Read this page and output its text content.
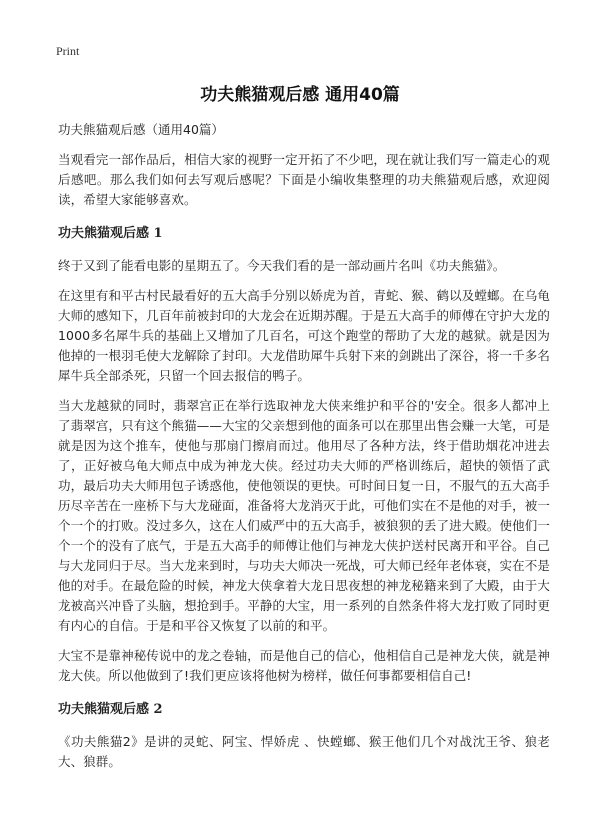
Print
功夫熊猫观后感 通用40篇
功夫熊猫观后感（通用40篇）

当观看完一部作品后，相信大家的视野一定开拓了不少吧，现在就让我们写一篇走心的观后感吧。那么我们如何去写观后感呢？下面是小编收集整理的功夫熊猫观后感，欢迎阅读，希望大家能够喜欢。

功夫熊猫观后感 1

终于又到了能看电影的星期五了。今天我们看的是一部动画片名叫《功夫熊猫》。

在这里有和平古村民最看好的五大高手分别以娇虎为首，青蛇、猴、鹤以及螳螂。在乌龟大师的感知下，几百年前被封印的大龙会在近期苏醒。于是五大高手的师傅在守护大龙的1000多名犀牛兵的基础上又增加了几百名，可这个跑堂的帮助了大龙的越狱。就是因为他掉的一根羽毛使大龙解除了封印。大龙借助犀牛兵射下来的剑跳出了深谷，将一千多名犀牛兵全部杀死，只留一个回去报信的鸭子。

当大龙越狱的同时，翡翠宫正在举行选取神龙大侠来维护和平谷的'安全。很多人都冲上了翡翠宫，只有这个熊猫——大宝的父亲想到他的面条可以在那里出售会赚一大笔，可是就是因为这个推车，使他与那扇门擦肩而过。他用尽了各种方法，终于借助烟花冲进去了，正好被乌龟大师点中成为神龙大侠。经过功夫大师的严格训练后，超快的领悟了武功，最后功夫大师用包子诱惑他，使他领误的更快。可时间日复一日，不服气的五大高手历尽辛苦在一座桥下与大龙碰面，准备将大龙消灭于此，可他们实在不是他的对手，被一个一个的打败。没过多久，这在人们威严中的五大高手，被狼狈的丢了进大殿。使他们一个一个的没有了底气，于是五大高手的师傅让他们与神龙大侠护送村民离开和平谷。自己与大龙同归于尽。当大龙来到时，与功夫大师决一死战，可大师已经年老体衰，实在不是他的对手。在最危险的时候，神龙大侠拿着大龙日思夜想的神龙秘籍来到了大殿，由于大龙被高兴冲昏了头脑，想抢到手。平静的大宝，用一系列的自然条件将大龙打败了同时更有内心的自信。于是和平谷又恢复了以前的和平。

大宝不是靠神秘传说中的龙之卷轴，而是他自己的信心，他相信自己是神龙大侠，就是神龙大侠。所以他做到了!我们更应该将他树为榜样，做任何事都要相信自己!

功夫熊猫观后感 2

《功夫熊猫2》是讲的灵蛇、阿宝、悍娇虎 、快螳螂、猴王他们几个对战沈王爷、狼老大、狼群。
